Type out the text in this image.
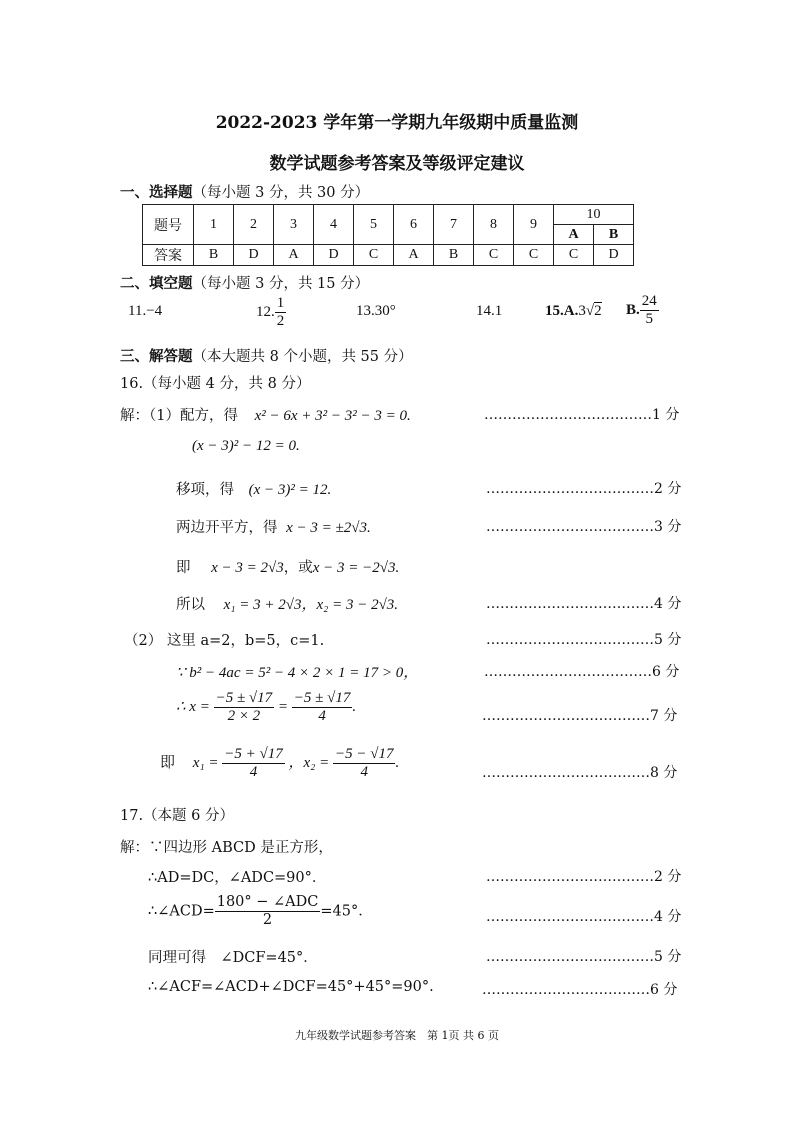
2022-2023 学年第一学期九年级期中质量监测
数学试题参考答案及等级评定建议
一、选择题（每小题 3 分，共 30 分）
题号	1	2	3	4	5	6	7	8	9	10	
										A	B
答案	B	D	A	D	C	A	B	C	C	C	D
二、填空题（每小题 3 分，共 15 分）
11.−4	12. $\frac{1}{2}$	13.30°	14.1	15.A.3√2 B. $\frac{24}{5}$
三、解答题（本大题共 8 个小题，共 55 分）
16.（每小题 4 分，共 8 分）
解：（1）配方，得 x² − 6x + 3² − 3² − 3 = 0.	………………………………1 分
(x − 3)² − 12 = 0.
移项，得 (x − 3)² = 12.	………………………………2 分
两边开平方，得 x − 3 = ±2√3.	………………………………3 分
即 x − 3 = 2√3，或x − 3 = −2√3.
所以 x₁ = 3 + 2√3，x₂ = 3 − 2√3.	………………………………4 分
（2） 这里 a=2，b=5，c=1.	………………………………5 分
∵ b² − 4ac = 5² − 4 × 2 × 1 = 17 > 0，	………………………………6 分
∴ $x = \frac{-5 \pm √17}{2 \times 2} = \frac{-5 \pm √17}{4}$ .
………………………………7 分
即 $x_1 = \frac{-5 + √17}{4}$ ，$x_2 = \frac{-5 - √17}{4}$ .
………………………………8 分
17.（本题 6 分）
解：∵四边形 ABCD 是正方形，
∴AD=DC，∠ADC=90°．	………………………………2 分
∴∠ACD= $\frac{\text{180° − ∠ADC}}{2} =45^\circ$．	………………………………4 分
同理可得　∠DCF=45°．	………………………………5 分
∴∠ACF=∠ACD+∠DCF=45°+45°=90°.	………………………………6 分
九年级数学试题参考答案　第 1页 共 6 页
